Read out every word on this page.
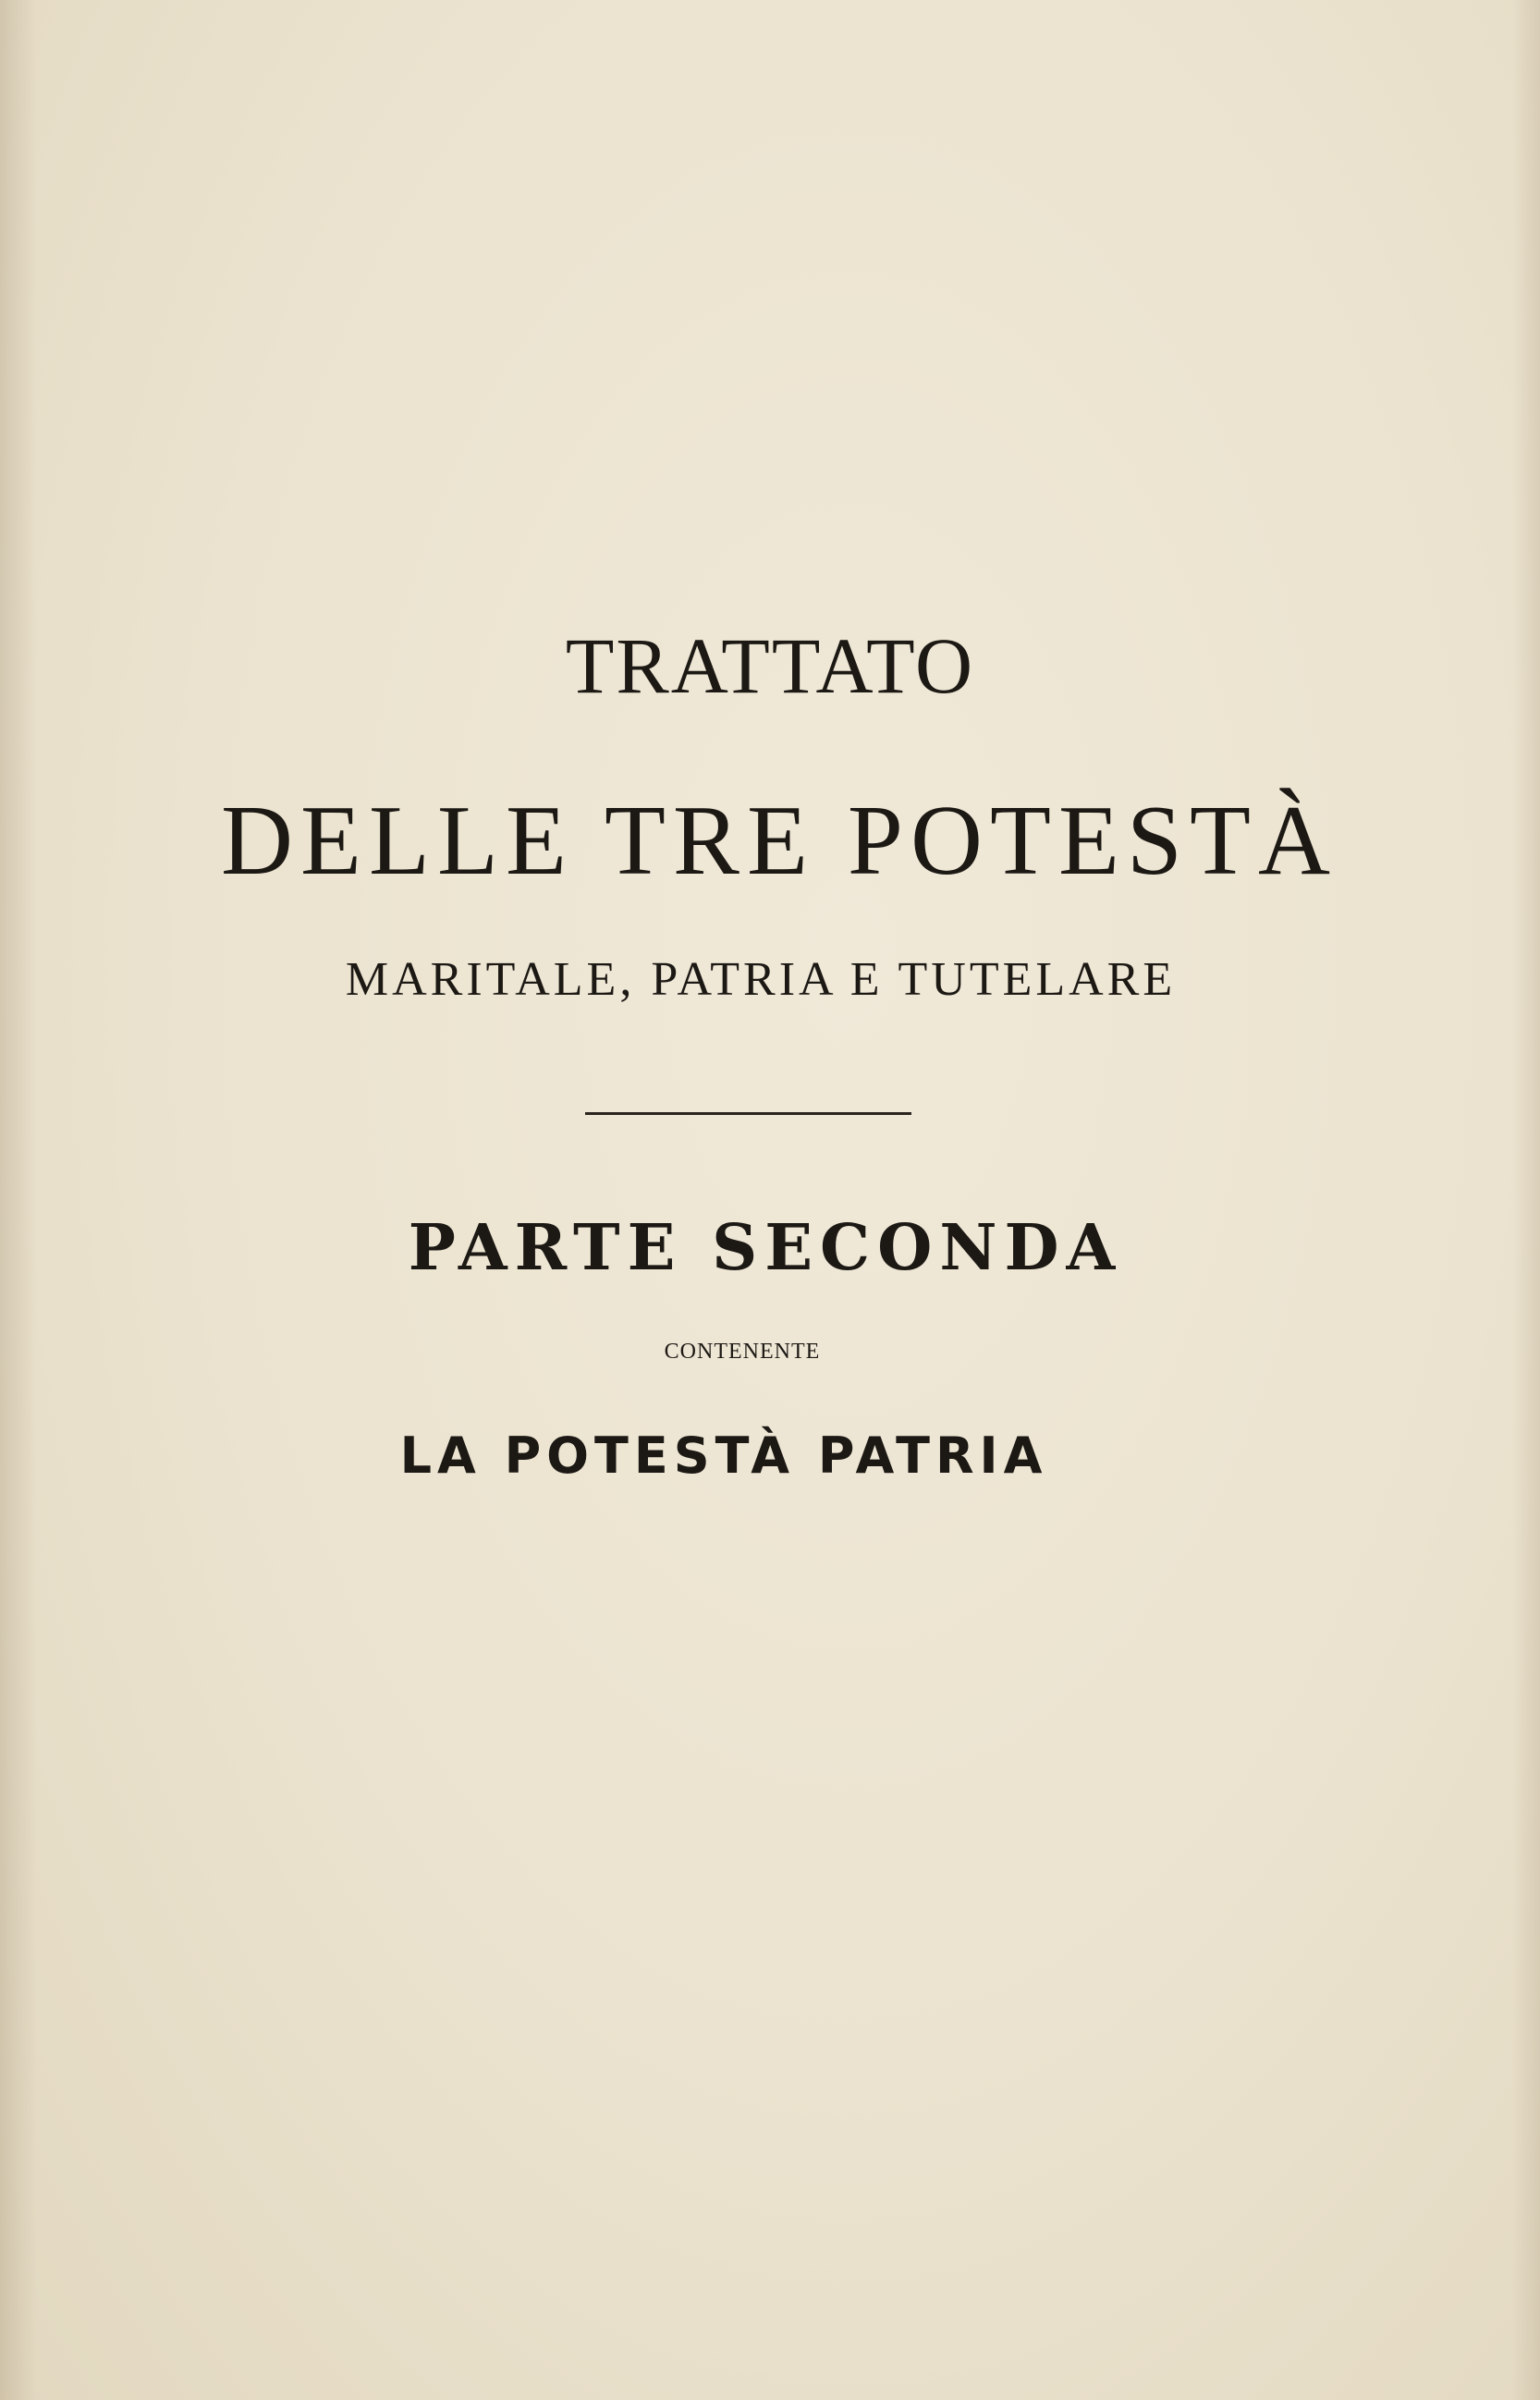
TRATTATO
DELLE TRE POTESTÀ
MARITALE, PATRIA E TUTELARE
PARTE SECONDA
CONTENENTE
LA POTESTÀ PATRIA
